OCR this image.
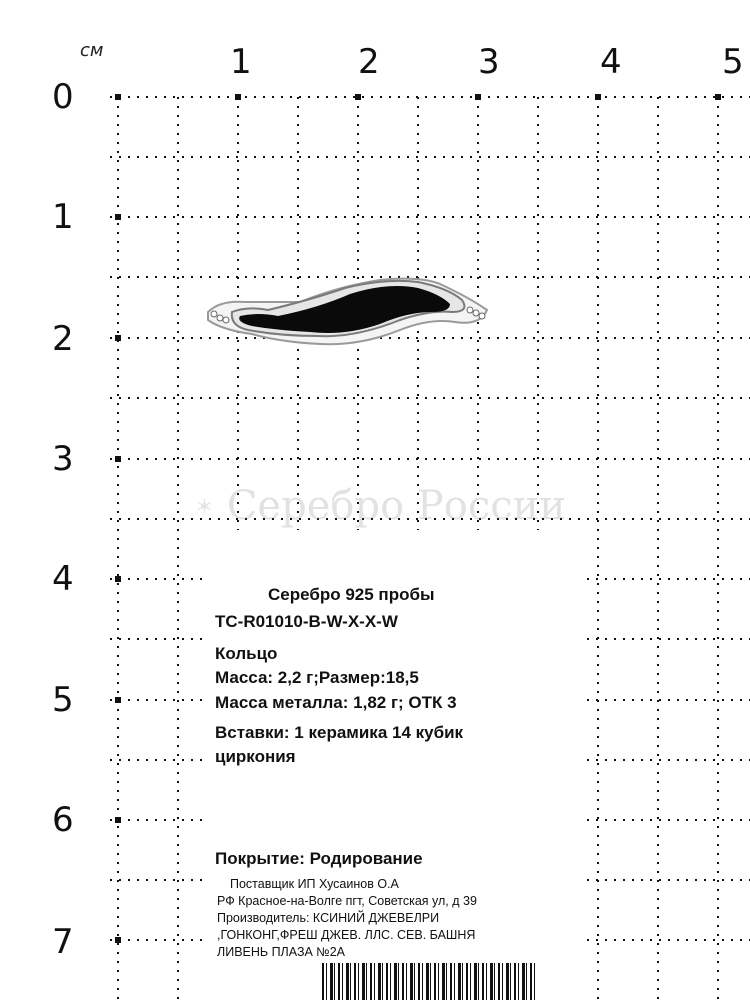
см	1	2	3	4	5
0
1
2
3
4
5
6
7
Серебро России
Серебро 925 пробы
TC-R01010-B-W-X-X-W
Кольцо
Масса: 2,2 г;Размер:18,5
Масса металла: 1,82 г; ОТК 3
Вставки: 1 керамика 14 кубик
циркония
Покрытие: Родирование
Поставщик ИП Хусаинов О.А
РФ Красное-на-Волге пгт, Советская ул, д 39
Производитель: КСИНИЙ ДЖЕВЕЛРИ
,ГОНКОНГ,ФРЕШ ДЖЕВ. ЛЛС. СЕВ. БАШНЯ
ЛИВЕНЬ ПЛАЗА №2А
